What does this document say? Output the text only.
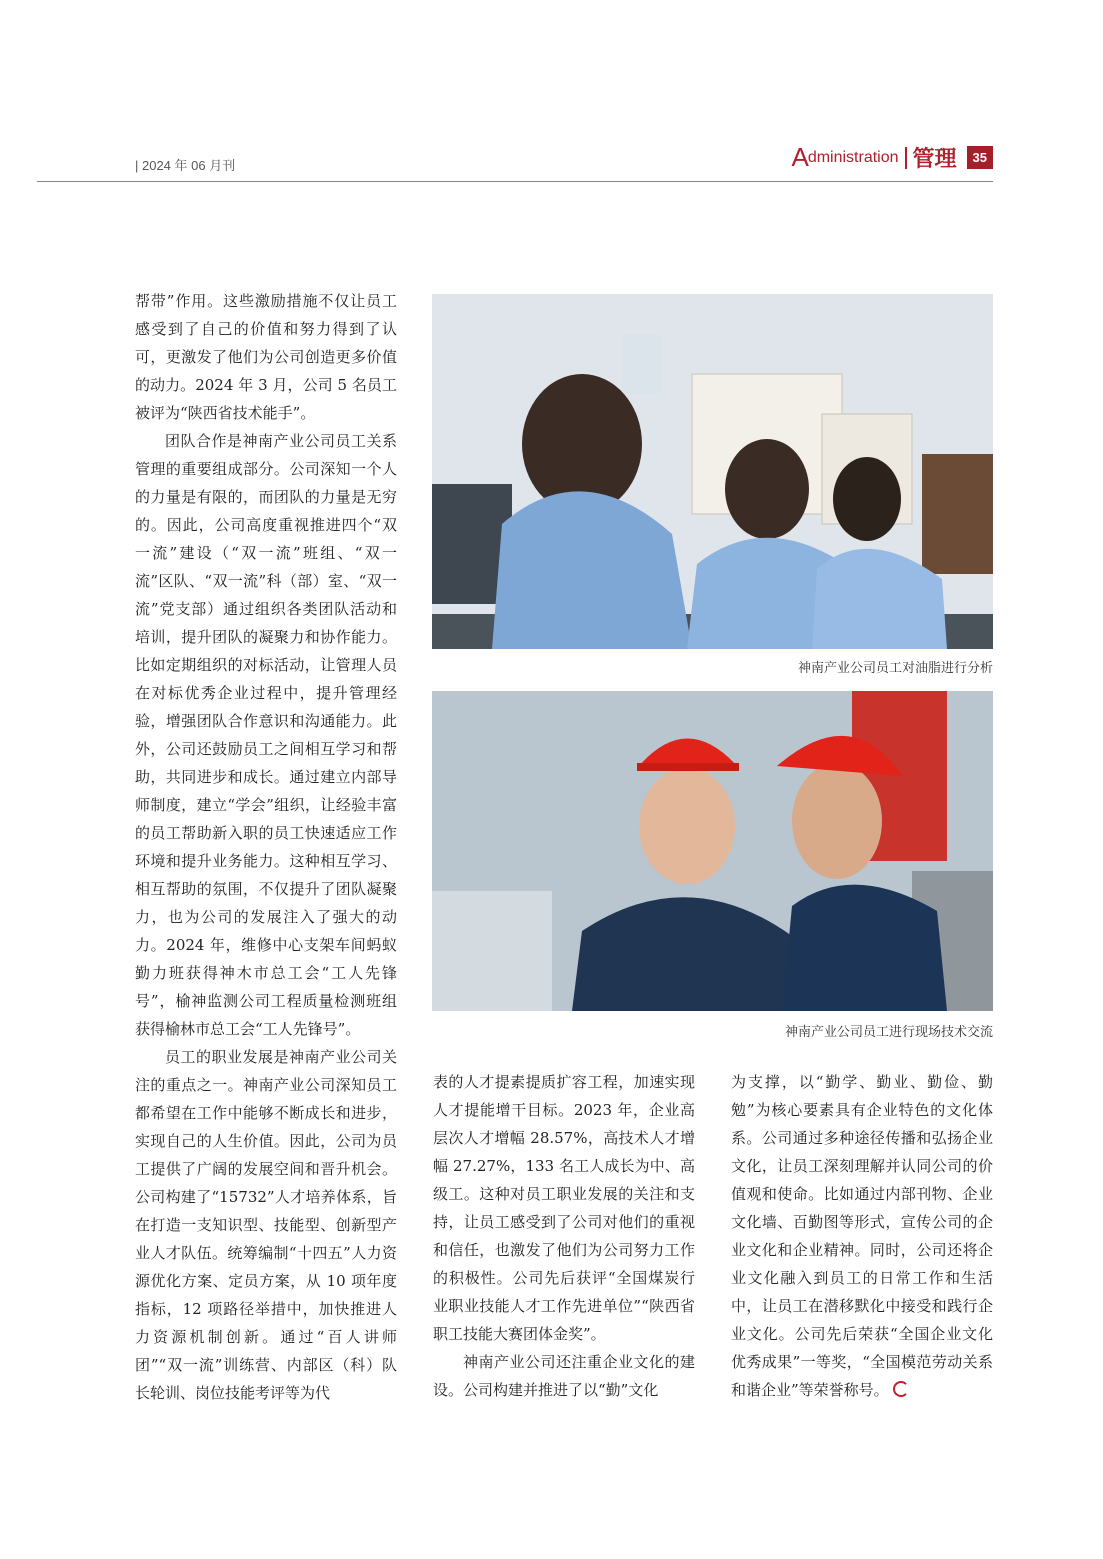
| 2024 年 06 月刊	A dministration 管理	35

帮带”作用。这些激励措施不仅让员工感受到了自己的价值和努力得到了认可，更激发了他们为公司创造更多价值的动力。2024 年 3 月，公司 5 名员工被评为“陕西省技术能手”。

团队合作是神南产业公司员工关系管理的重要组成部分。公司深知一个人的力量是有限的，而团队的力量是无穷的。因此，公司高度重视推进四个“双一流”建设（“双一流”班组、“双一流”区队、“双一流”科（部）室、“双一流”党支部）通过组织各类团队活动和培训，提升团队的凝聚力和协作能力。比如定期组织的对标活动，让管理人员在对标优秀企业过程中，提升管理经验，增强团队合作意识和沟通能力。此外，公司还鼓励员工之间相互学习和帮助，共同进步和成长。通过建立内部导师制度，建立“学会”组织，让经验丰富的员工帮助新入职的员工快速适应工作环境和提升业务能力。这种相互学习、相互帮助的氛围，不仅提升了团队凝聚力，也为公司的发展注入了强大的动力。2024 年，维修中心支架车间蚂蚁勤力班获得神木市总工会“工人先锋号”，榆神监测公司工程质量检测班组获得榆林市总工会“工人先锋号”。

员工的职业发展是神南产业公司关注的重点之一。神南产业公司深知员工都希望在工作中能够不断成长和进步，实现自己的人生价值。因此，公司为员工提供了广阔的发展空间和晋升机会。公司构建了“15732”人才培养体系，旨在打造一支知识型、技能型、创新型产业人才队伍。统筹编制“十四五”人力资源优化方案、定员方案，从 10 项年度指标，12 项路径举措中，加快推进人力资源机制创新。通过“百人讲师团”“双一流”训练营、内部区（科）队长轮训、岗位技能考评等为代

神南产业公司员工对油脂进行分析
神南产业公司员工进行现场技术交流

表的人才提素提质扩容工程，加速实现人才提能增干目标。2023 年，企业高层次人才增幅 28.57%，高技术人才增幅 27.27%，133 名工人成长为中、高级工。这种对员工职业发展的关注和支持，让员工感受到了公司对他们的重视和信任，也激发了他们为公司努力工作的积极性。公司先后获评“全国煤炭行业职业技能人才工作先进单位”“陕西省职工技能大赛团体金奖”。

神南产业公司还注重企业文化的建设。公司构建并推进了以“勤”文化

为支撑，以“勤学、勤业、勤俭、勤勉”为核心要素具有企业特色的文化体系。公司通过多种途径传播和弘扬企业文化，让员工深刻理解并认同公司的价值观和使命。比如通过内部刊物、企业文化墙、百勤图等形式，宣传公司的企业文化和企业精神。同时，公司还将企业文化融入到员工的日常工作和生活中，让员工在潜移默化中接受和践行企业文化。公司先后荣获“全国企业文化优秀成果”一等奖，“全国模范劳动关系和谐企业”等荣誉称号。
